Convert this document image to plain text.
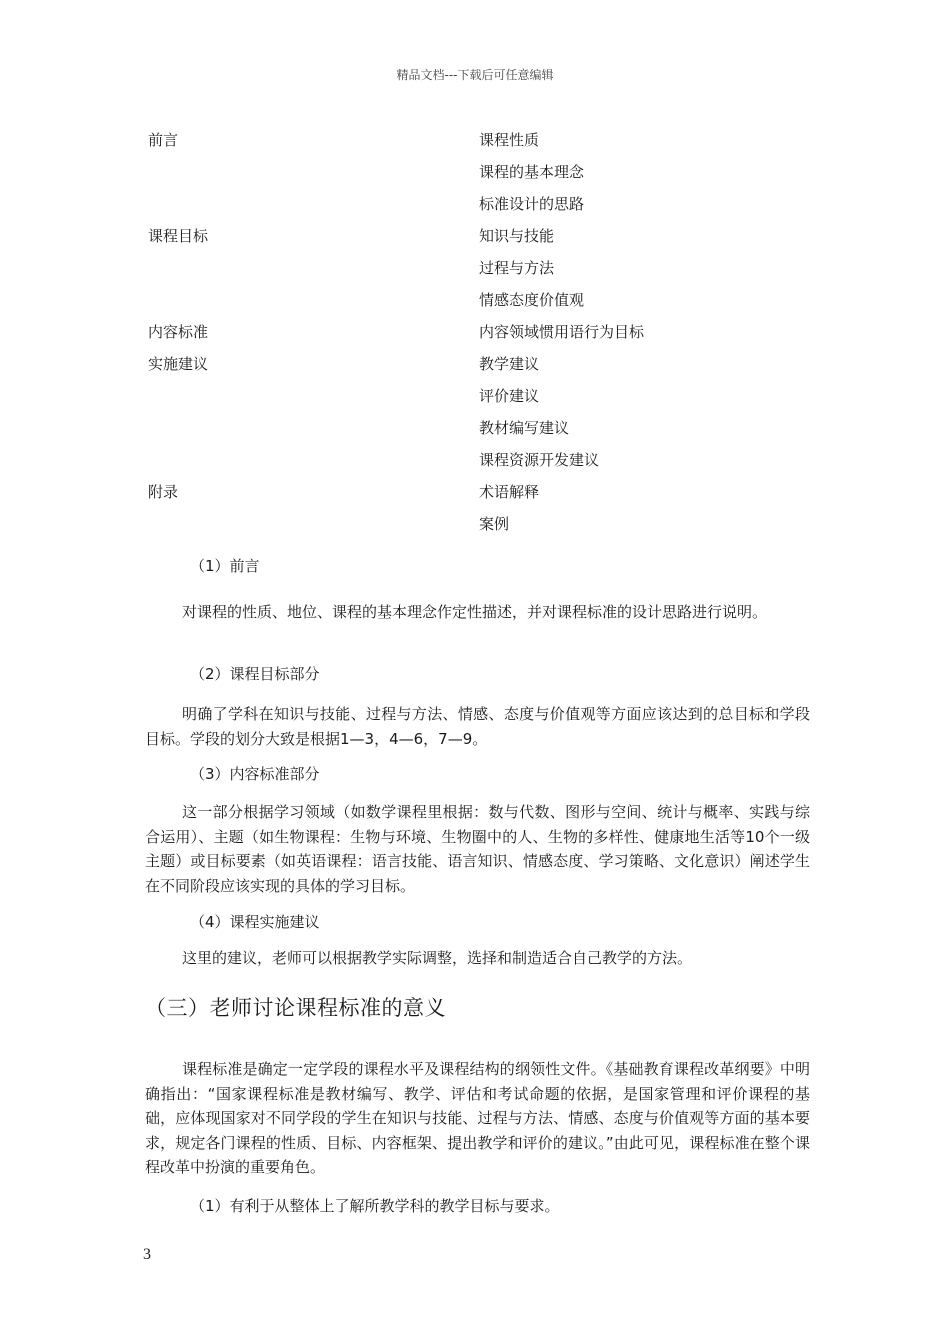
精品文档---下载后可任意编辑
前言	课程性质
课程的基本理念
标准设计的思路
课程目标	知识与技能
过程与方法
情感态度价值观
内容标准	内容领域惯用语行为目标
实施建议	教学建议
评价建议
教材编写建议
课程资源开发建议
附录	术语解释
案例
（1）前言
对课程的性质、地位、课程的基本理念作定性描述，并对课程标准的设计思路进行说明。
（2）课程目标部分
明确了学科在知识与技能、过程与方法、情感、态度与价值观等方面应该达到的总目标和学段目标。学段的划分大致是根据1—3，4—6，7—9。
（3）内容标准部分
这一部分根据学习领域（如数学课程里根据：数与代数、图形与空间、统计与概率、实践与综合运用）、主题（如生物课程：生物与环境、生物圈中的人、生物的多样性、健康地生活等10个一级主题）或目标要素（如英语课程：语言技能、语言知识、情感态度、学习策略、文化意识）阐述学生在不同阶段应该实现的具体的学习目标。
（4）课程实施建议
这里的建议，老师可以根据教学实际调整，选择和制造适合自己教学的方法。
（三）老师讨论课程标准的意义
课程标准是确定一定学段的课程水平及课程结构的纲领性文件。《基础教育课程改革纲要》中明确指出：“国家课程标准是教材编写、教学、评估和考试命题的依据，是国家管理和评价课程的基础，应体现国家对不同学段的学生在知识与技能、过程与方法、情感、态度与价值观等方面的基本要求，规定各门课程的性质、目标、内容框架、提出教学和评价的建议。”由此可见，课程标准在整个课程改革中扮演的重要角色。
（1）有利于从整体上了解所教学科的教学目标与要求。
3
